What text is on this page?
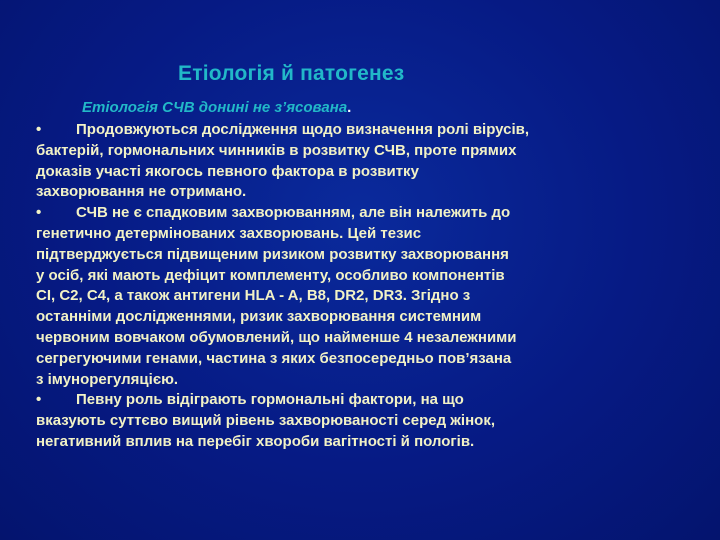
Етіологія й патогенез
Етіологія СЧВ донині не з’ясована.
• Продовжуються дослідження щодо визначення ролі вірусів,
бактерій, гормональних чинників в розвитку СЧВ, проте прямих
доказів участі якогось певного фактора в розвитку
захворювання не отримано.
• СЧВ не є спадковим захворюванням, але він належить до
генетично детермінованих захворювань. Цей тезис
підтверджується підвищеним ризиком розвитку захворювання
у осіб, які мають дефіцит комплементу, особливо компонентів
CI, C2, C4, а також антигени HLA - A, B8, DR2, DR3. Згідно з
останніми дослідженнями, ризик захворювання системним
червоним вовчаком обумовлений, що найменше 4 незалежними
сегрегуючими генами, частина з яких безпосередньо пов’язана
з імунорегуляцією.
• Певну роль відіграють гормональні фактори, на що
вказують суттєво вищий рівень захворюваності серед жінок,
негативний вплив на перебіг хвороби вагітності й пологів.
